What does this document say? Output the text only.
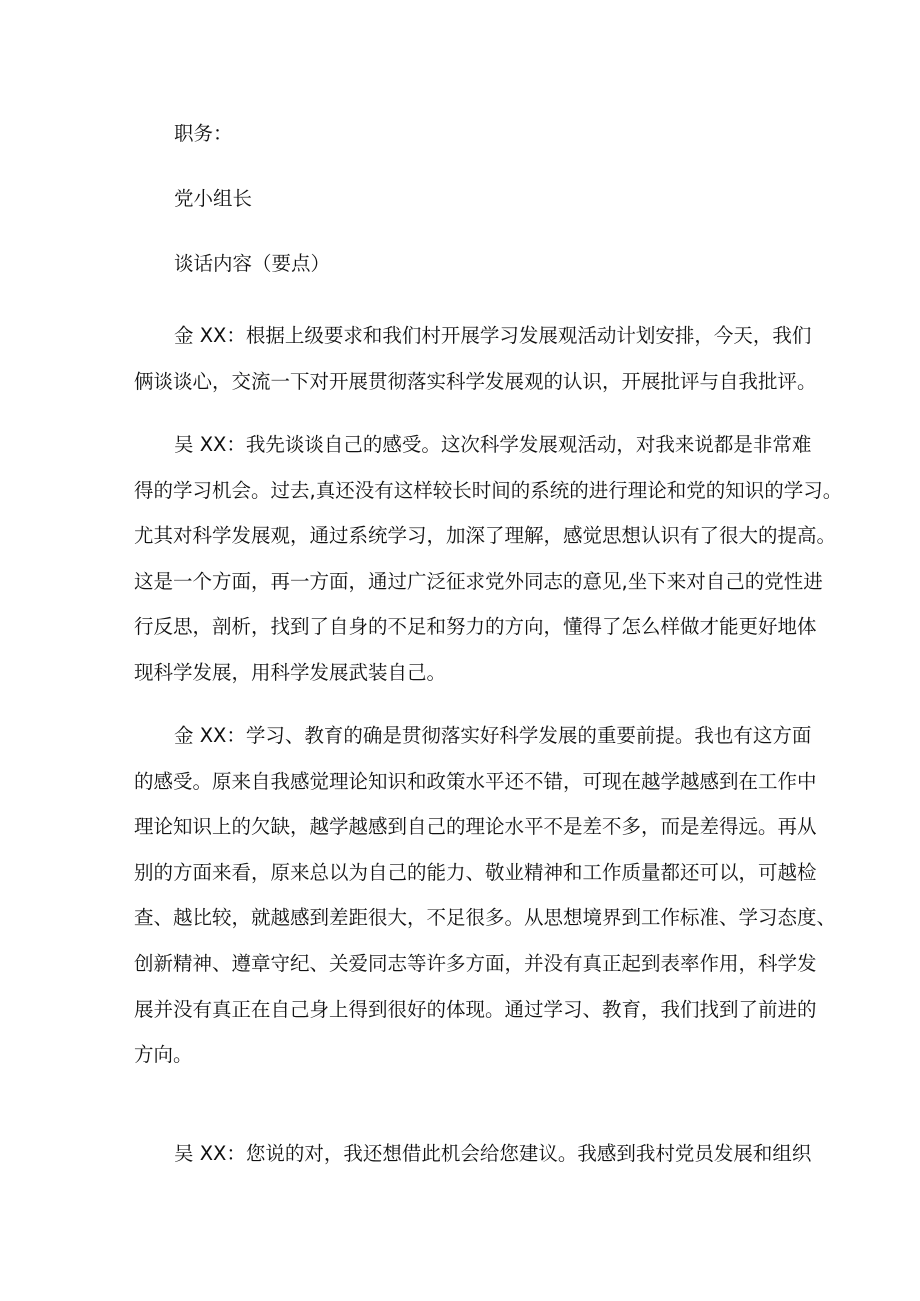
职务：
党小组长
谈话内容（要点）
金 XX：根据上级要求和我们村开展学习发展观活动计划安排，今天，我们
俩谈谈心，交流一下对开展贯彻落实科学发展观的认识，开展批评与自我批评。
吴 XX：我先谈谈自己的感受。这次科学发展观活动，对我来说都是非常难
得的学习机会。过去,真还没有这样较长时间的系统的进行理论和党的知识的学习。
尤其对科学发展观，通过系统学习，加深了理解，感觉思想认识有了很大的提高。
这是一个方面，再一方面，通过广泛征求党外同志的意见,坐下来对自己的党性进
行反思，剖析，找到了自身的不足和努力的方向，懂得了怎么样做才能更好地体
现科学发展，用科学发展武装自己。
金 XX：学习、教育的确是贯彻落实好科学发展的重要前提。我也有这方面
的感受。原来自我感觉理论知识和政策水平还不错，可现在越学越感到在工作中
理论知识上的欠缺，越学越感到自己的理论水平不是差不多，而是差得远。再从
别的方面来看，原来总以为自己的能力、敬业精神和工作质量都还可以，可越检
查、越比较，就越感到差距很大，不足很多。从思想境界到工作标准、学习态度、
创新精神、遵章守纪、关爱同志等许多方面，并没有真正起到表率作用，科学发
展并没有真正在自己身上得到很好的体现。通过学习、教育，我们找到了前进的
方向。
吴 XX：您说的对，我还想借此机会给您建议。我感到我村党员发展和组织
